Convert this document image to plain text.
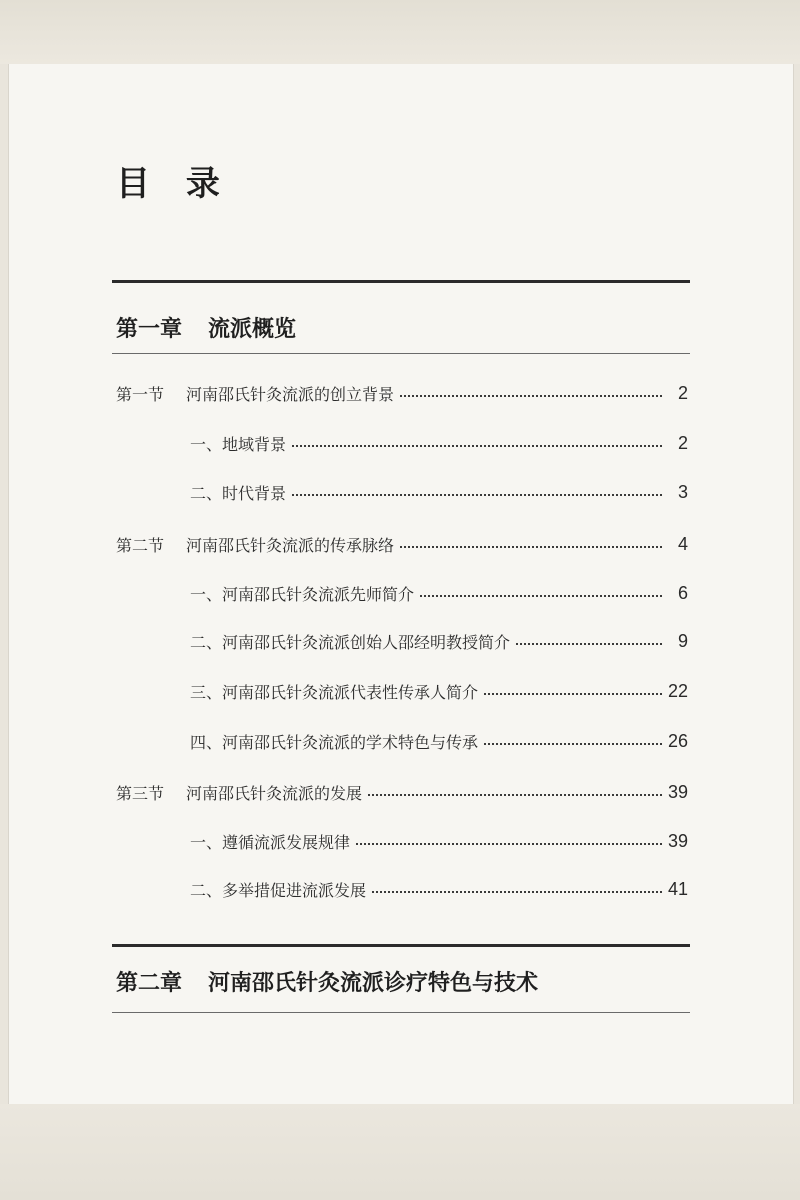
目 录
第一章 流派概览
第一节 河南邵氏针灸流派的创立背景	2
一、地域背景	2
二、时代背景	3
第二节 河南邵氏针灸流派的传承脉络	4
一、河南邵氏针灸流派先师简介	6
二、河南邵氏针灸流派创始人邵经明教授简介	9
三、河南邵氏针灸流派代表性传承人简介	22
四、河南邵氏针灸流派的学术特色与传承	26
第三节 河南邵氏针灸流派的发展	39
一、遵循流派发展规律	39
二、多举措促进流派发展	41
第二章 河南邵氏针灸流派诊疗特色与技术
